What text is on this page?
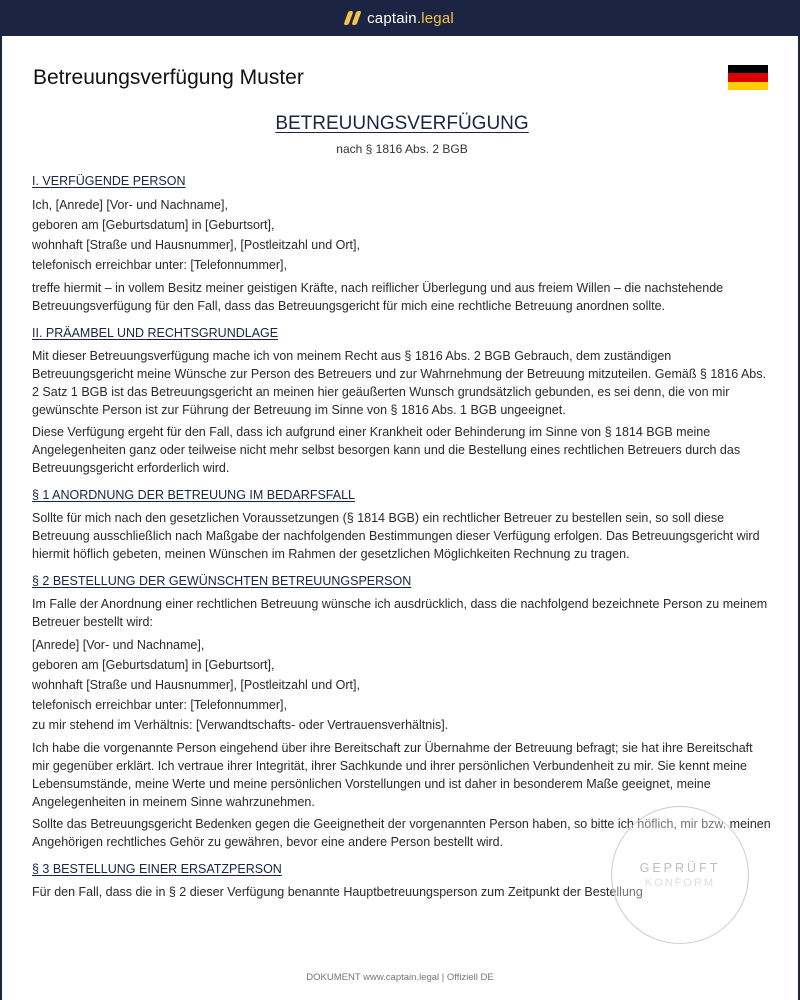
captain.legal
Betreuungsverfügung Muster
BETREUUNGSVERFÜGUNG

nach § 1816 Abs. 2 BGB

I. VERFÜGENDE PERSON

Ich, [Anrede] [Vor- und Nachname],

geboren am [Geburtsdatum] in [Geburtsort],

wohnhaft [Straße und Hausnummer], [Postleitzahl und Ort],

telefonisch erreichbar unter: [Telefonnummer],

treffe hiermit – in vollem Besitz meiner geistigen Kräfte, nach reiflicher Überlegung und aus freiem Willen – die nachstehende Betreuungsverfügung für den Fall, dass das Betreuungsgericht für mich eine rechtliche Betreuung anordnen sollte.

II. PRÄAMBEL UND RECHTSGRUNDLAGE

Mit dieser Betreuungsverfügung mache ich von meinem Recht aus § 1816 Abs. 2 BGB Gebrauch, dem zuständigen Betreuungsgericht meine Wünsche zur Person des Betreuers und zur Wahrnehmung der Betreuung mitzuteilen. Gemäß § 1816 Abs. 2 Satz 1 BGB ist das Betreuungsgericht an meinen hier geäußerten Wunsch grundsätzlich gebunden, es sei denn, die von mir gewünschte Person ist zur Führung der Betreuung im Sinne von § 1816 Abs. 1 BGB ungeeignet.

Diese Verfügung ergeht für den Fall, dass ich aufgrund einer Krankheit oder Behinderung im Sinne von § 1814 BGB meine Angelegenheiten ganz oder teilweise nicht mehr selbst besorgen kann und die Bestellung eines rechtlichen Betreuers durch das Betreuungsgericht erforderlich wird.

§ 1 ANORDNUNG DER BETREUUNG IM BEDARFSFALL

Sollte für mich nach den gesetzlichen Voraussetzungen (§ 1814 BGB) ein rechtlicher Betreuer zu bestellen sein, so soll diese Betreuung ausschließlich nach Maßgabe der nachfolgenden Bestimmungen dieser Verfügung erfolgen. Das Betreuungsgericht wird hiermit höflich gebeten, meinen Wünschen im Rahmen der gesetzlichen Möglichkeiten Rechnung zu tragen.

§ 2 BESTELLUNG DER GEWÜNSCHTEN BETREUUNGSPERSON

Im Falle der Anordnung einer rechtlichen Betreuung wünsche ich ausdrücklich, dass die nachfolgend bezeichnete Person zu meinem Betreuer bestellt wird:

[Anrede] [Vor- und Nachname],

geboren am [Geburtsdatum] in [Geburtsort],

wohnhaft [Straße und Hausnummer], [Postleitzahl und Ort],

telefonisch erreichbar unter: [Telefonnummer],

zu mir stehend im Verhältnis: [Verwandtschafts- oder Vertrauensverhältnis].

Ich habe die vorgenannte Person eingehend über ihre Bereitschaft zur Übernahme der Betreuung befragt; sie hat ihre Bereitschaft mir gegenüber erklärt. Ich vertraue ihrer Integrität, ihrer Sachkunde und ihrer persönlichen Verbundenheit zu mir. Sie kennt meine Lebensumstände, meine Werte und meine persönlichen Vorstellungen und ist daher in besonderem Maße geeignet, meine Angelegenheiten in meinem Sinne wahrzunehmen.

Sollte das Betreuungsgericht Bedenken gegen die Geeignetheit der vorgenannten Person haben, so bitte ich höflich, mir bzw. meinen Angehörigen rechtliches Gehör zu gewähren, bevor eine andere Person bestellt wird.

§ 3 BESTELLUNG EINER ERSATZPERSON

Für den Fall, dass die in § 2 dieser Verfügung benannte Hauptbetreuungsperson zum Zeitpunkt der Bestellung

GEPRÜFT
KONFORM
DOKUMENT www.captain.legal | Offiziell DE
